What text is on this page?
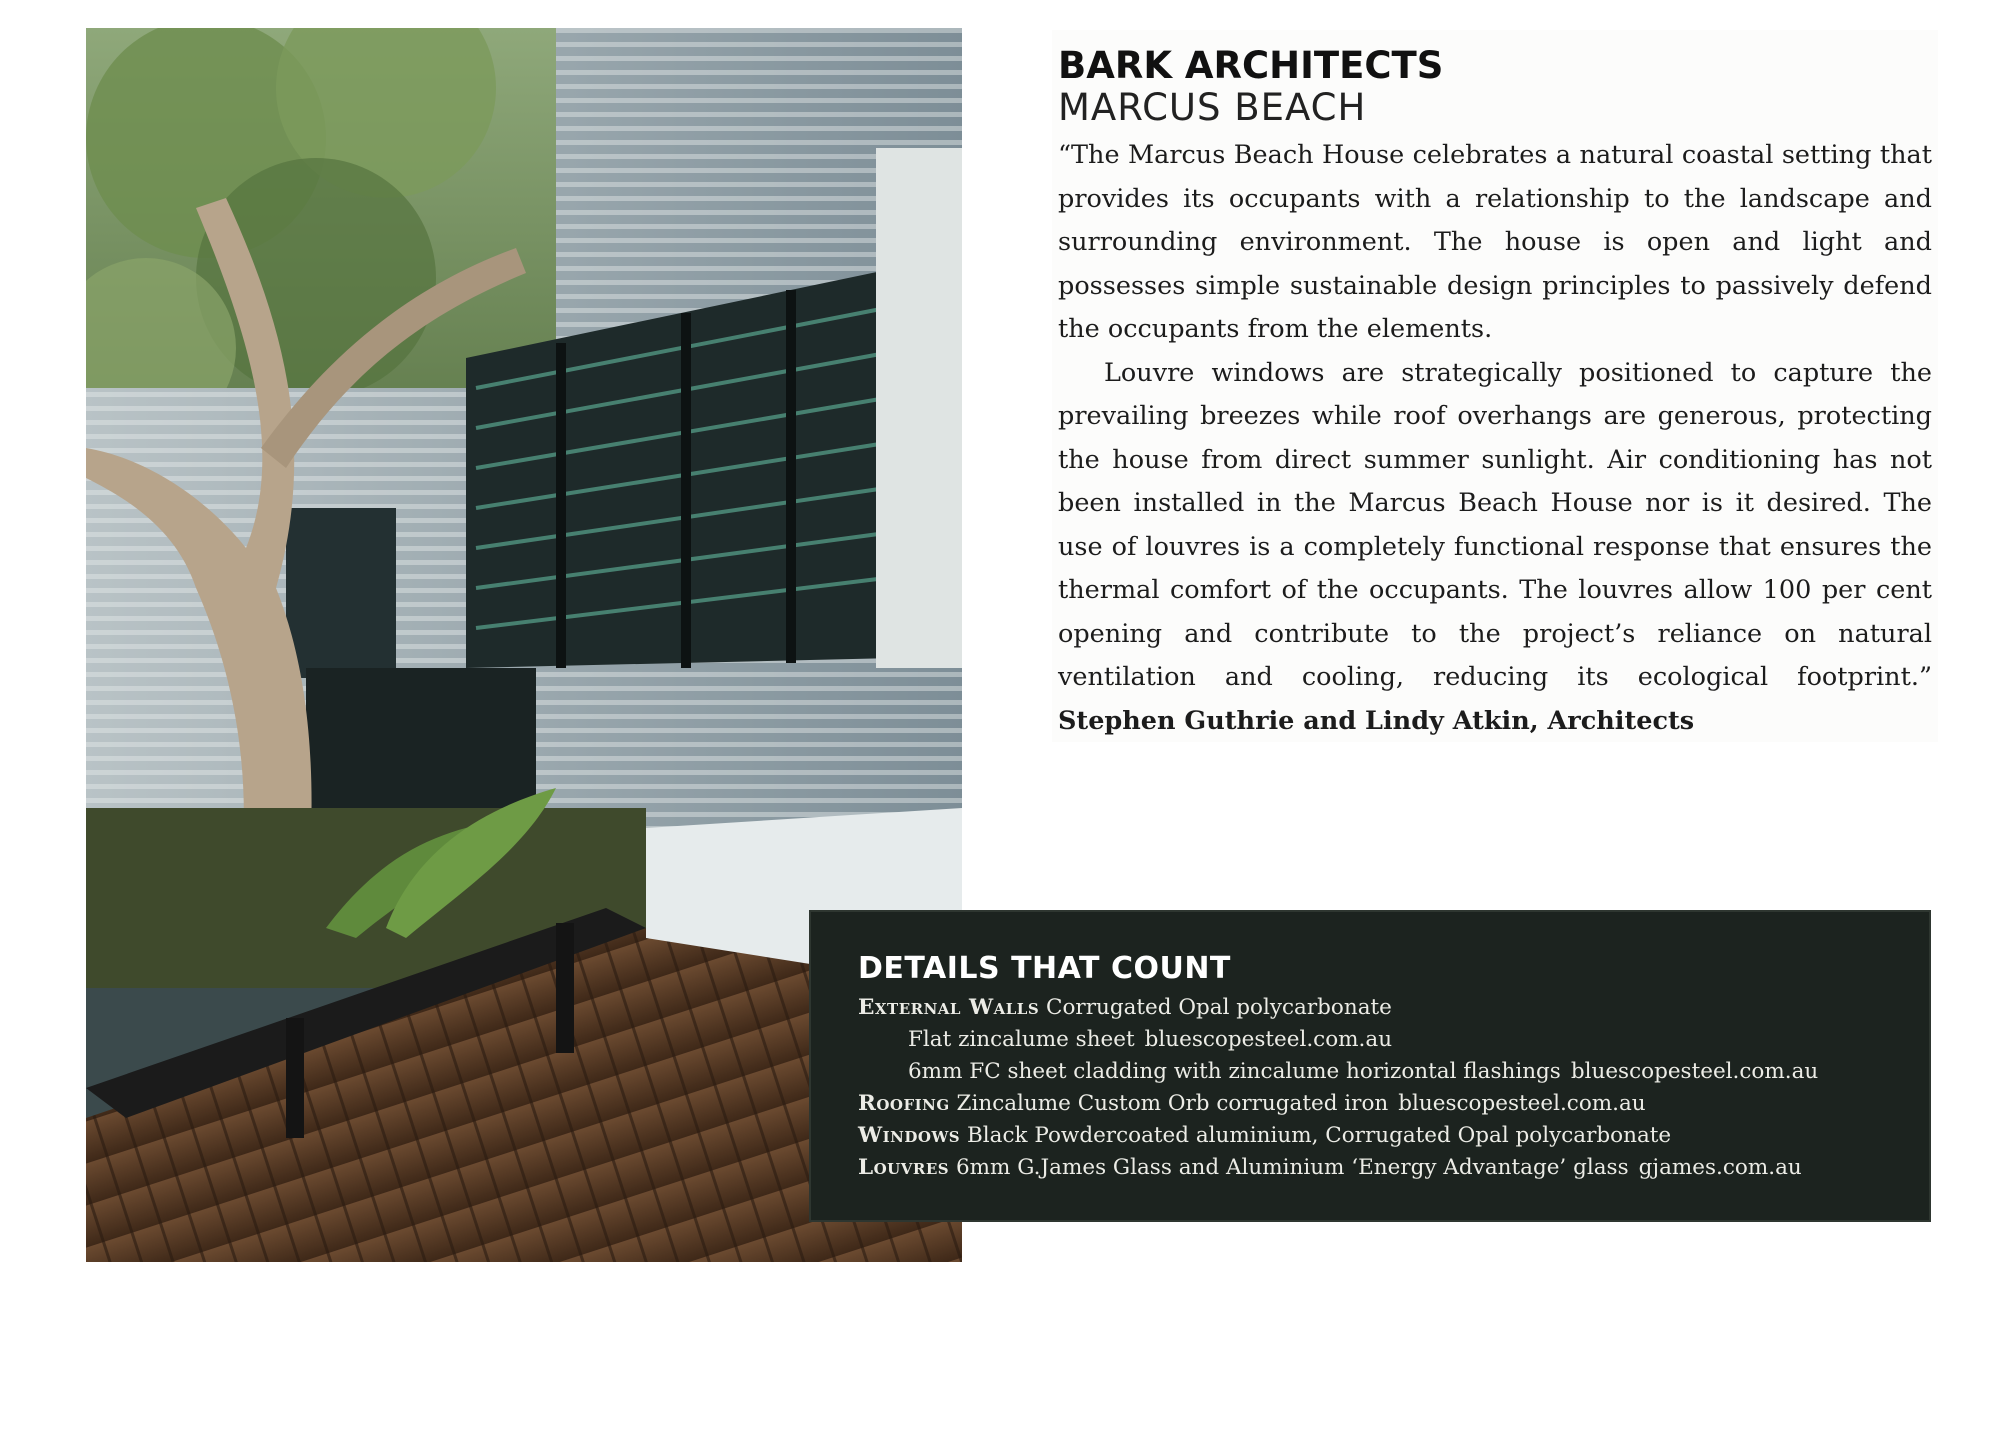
BARK ARCHITECTS
MARCUS BEACH

“The Marcus Beach House celebrates a natural coastal setting that provides its occupants with a relationship to the landscape and surrounding environment. The house is open and light and possesses simple sustainable design principles to passively defend the occupants from the elements.

Louvre windows are strategically positioned to capture the prevailing breezes while roof overhangs are generous, protecting the house from direct summer sunlight. Air conditioning has not been installed in the Marcus Beach House nor is it desired. The use of louvres is a completely functional response that ensures the thermal comfort of the occupants. The louvres allow 100 per cent opening and contribute to the project’s reliance on natural ventilation and cooling, reducing its ecological footprint.” Stephen Guthrie and Lindy Atkin, Architects

DETAILS THAT COUNT

External Walls Corrugated Opal polycarbonate

Flat zincalume sheet bluescopesteel.com.au

6mm FC sheet cladding with zincalume horizontal flashings bluescopesteel.com.au

Roofing Zincalume Custom Orb corrugated iron bluescopesteel.com.au

Windows Black Powdercoated aluminium, Corrugated Opal polycarbonate

Louvres 6mm G.James Glass and Aluminium ‘Energy Advantage’ glass gjames.com.au
